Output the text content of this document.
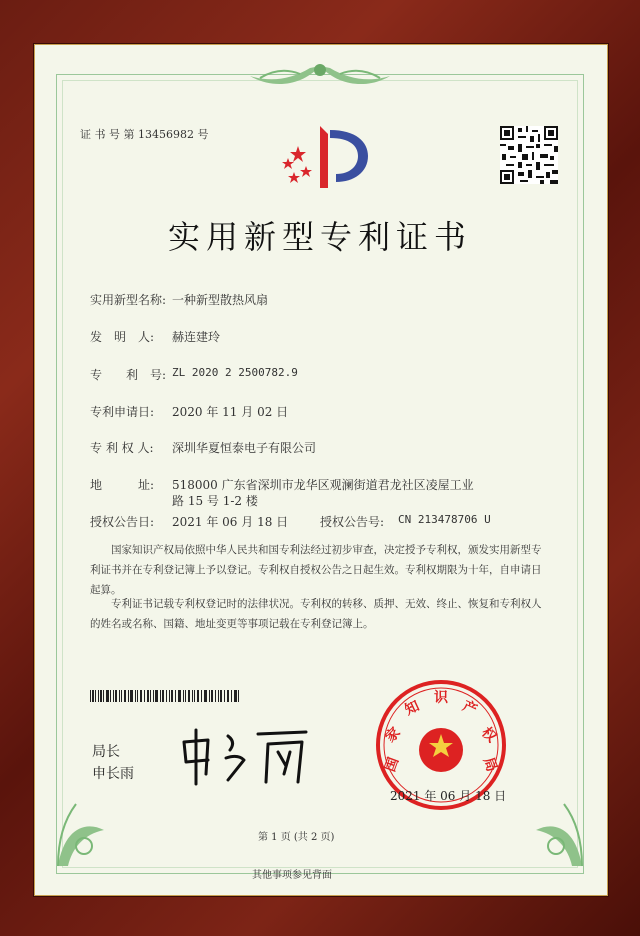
证 书 号 第 13456982 号
实用新型专利证书
实用新型名称: 一种新型散热风扇
发　明　人: 赫连建玲
专　　利　号: ZL 2020 2 2500782.9
专利申请日: 2020 年 11 月 02 日
专 利 权 人: 深圳华夏恒泰电子有限公司
地　　　址: 518000 广东省深圳市龙华区观澜街道君龙社区凌屋工业
路 15 号 1-2 楼
授权公告日: 2021 年 06 月 18 日	授权公告号: CN 213478706 U
国家知识产权局依照中华人民共和国专利法经过初步审查，决定授予专利权，颁发实用新型专利证书并在专利登记簿上予以登记。专利权自授权公告之日起生效。专利权期限为十年，自申请日起算。
专利证书记载专利权登记时的法律状况。专利权的转移、质押、无效、终止、恢复和专利权人的姓名或名称、国籍、地址变更等事项记载在专利登记簿上。
局长
申长雨
国
家
知
识
产
权
局
2021 年 06 月 18 日
第 1 页 (共 2 页)
其他事项参见背面
